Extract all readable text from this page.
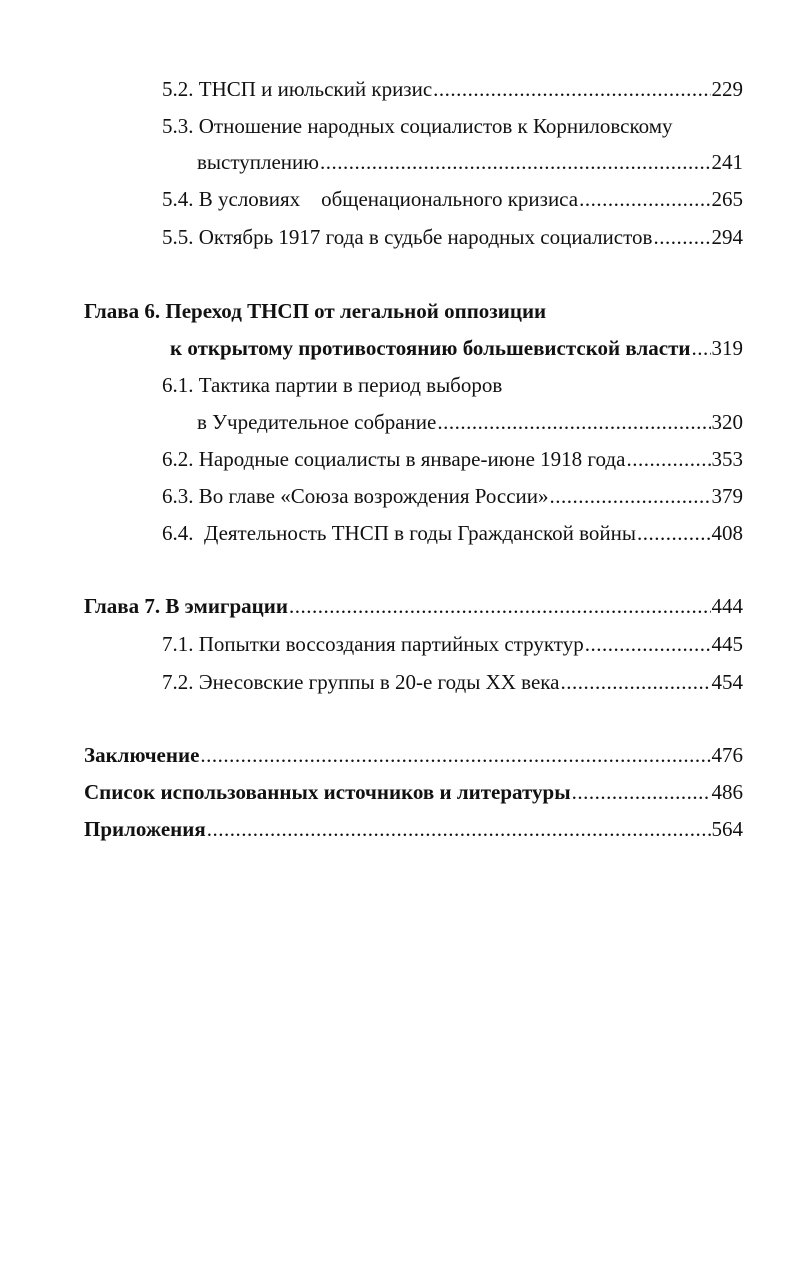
5.2. ТНСП и июльский кризис .....	229
5.3. Отношение народных социалистов к Корниловскому
выступлению .....	241
5.4. В условиях    общенационального кризиса .....	265
5.5. Октябрь 1917 года в судьбе народных социалистов .....	294
Глава 6. Переход ТНСП от легальной оппозиции
к открытому противостоянию большевистской власти ..... 319
6.1. Тактика партии в период выборов
в Учредительное собрание .....	320
6.2. Народные социалисты в январе-июне 1918 года .....	353
6.3. Во главе «Союза возрождения России» .....	379
6.4.  Деятельность ТНСП в годы Гражданской войны .....	408
Глава 7. В эмиграции .....	444
7.1. Попытки воссоздания партийных структур .....	445
7.2. Энесовские группы в 20-е годы XX века .....	454
Заключение .....	476
Список использованных источников и литературы .....	486
Приложения .....	564
